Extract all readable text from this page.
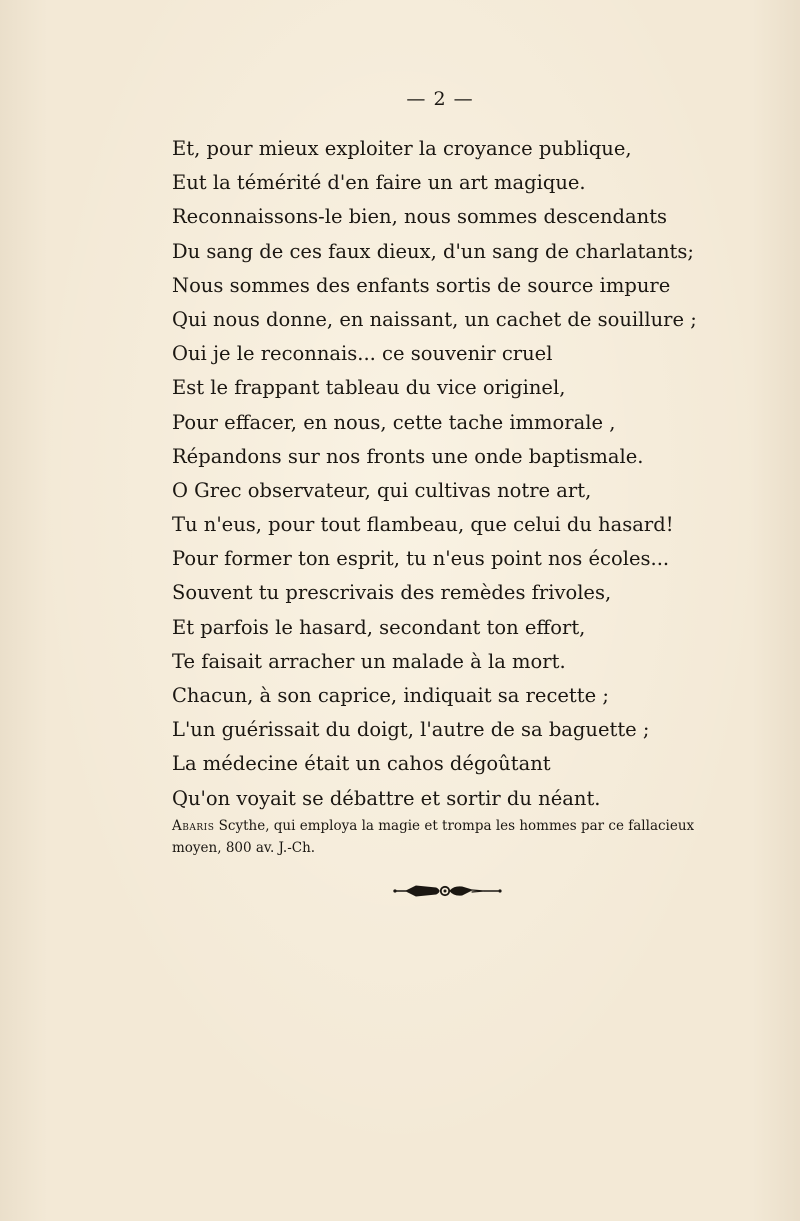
— 2 —
Et, pour mieux exploiter la croyance publique,
Eut la témérité d'en faire un art magique.
Reconnaissons-le bien, nous sommes descendants
Du sang de ces faux dieux, d'un sang de charlatants;
Nous sommes des enfants sortis de source impure
Qui nous donne, en naissant, un cachet de souillure ;
Oui je le reconnais... ce souvenir cruel
Est le frappant tableau du vice originel,
Pour effacer, en nous, cette tache immorale ,
Répandons sur nos fronts une onde baptismale.
O Grec observateur, qui cultivas notre art,
Tu n'eus, pour tout flambeau, que celui du hasard!
Pour former ton esprit, tu n'eus point nos écoles...
Souvent tu prescrivais des remèdes frivoles,
Et parfois le hasard, secondant ton effort,
Te faisait arracher un malade à la mort.
Chacun, à son caprice, indiquait sa recette ;
L'un guérissait du doigt, l'autre de sa baguette ;
La médecine était un cahos dégoûtant
Qu'on voyait se débattre et sortir du néant.
Abaris Scythe, qui employa la magie et trompa les hommes par ce fallacieux moyen, 800 av. J.-Ch.
